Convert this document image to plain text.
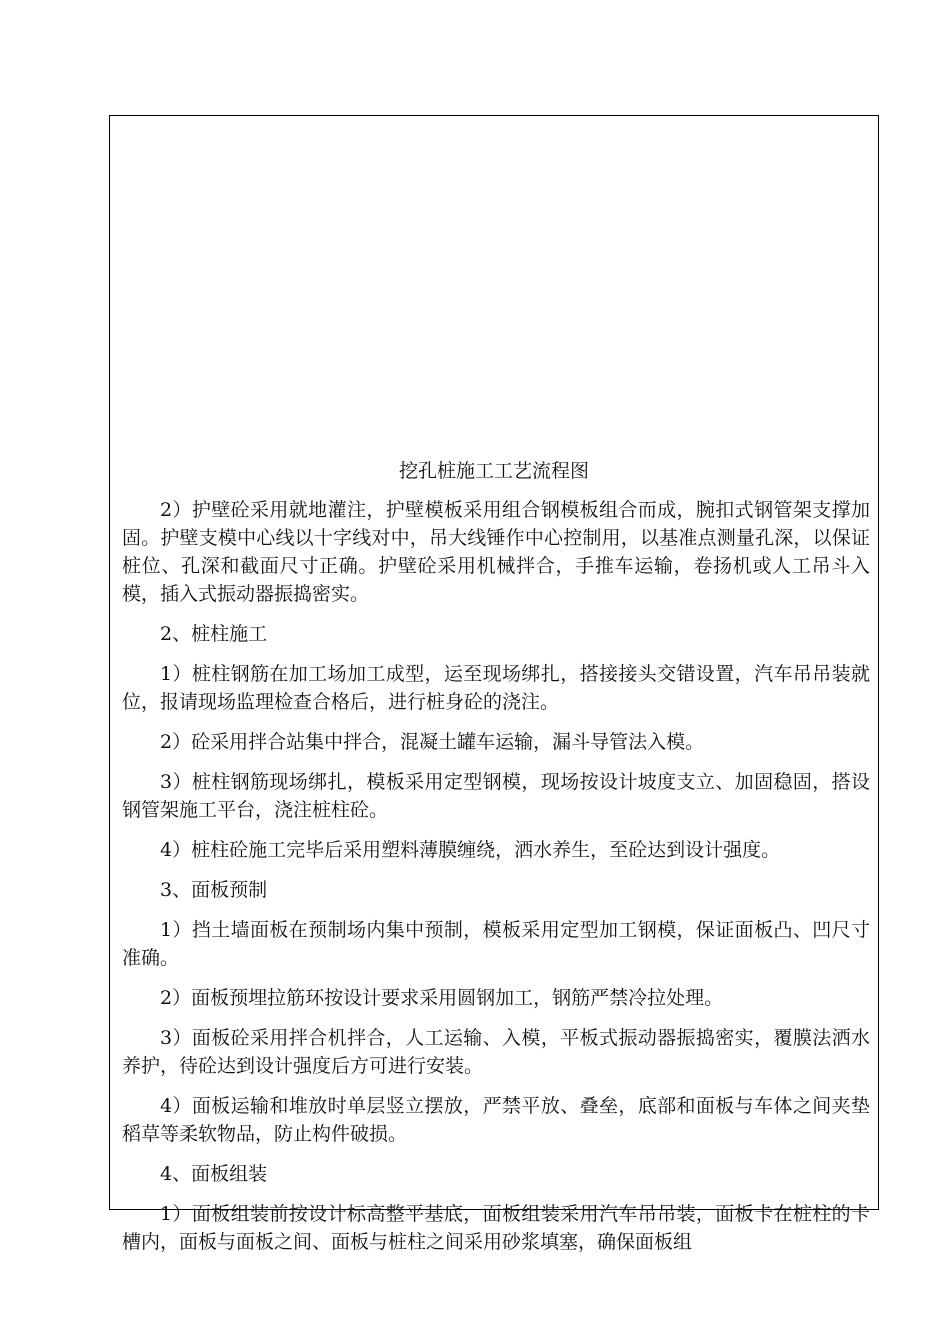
挖孔桩施工工艺流程图

2）护壁砼采用就地灌注，护壁模板采用组合钢模板组合而成，腕扣式钢管架支撑加固。护壁支模中心线以十字线对中，吊大线锤作中心控制用，以基准点测量孔深，以保证桩位、孔深和截面尺寸正确。护壁砼采用机械拌合，手推车运输，卷扬机或人工吊斗入模，插入式振动器振捣密实。

2、桩柱施工

1）桩柱钢筋在加工场加工成型，运至现场绑扎，搭接接头交错设置，汽车吊吊装就位，报请现场监理检查合格后，进行桩身砼的浇注。

2）砼采用拌合站集中拌合，混凝土罐车运输，漏斗导管法入模。

3）桩柱钢筋现场绑扎，模板采用定型钢模，现场按设计坡度支立、加固稳固，搭设钢管架施工平台，浇注桩柱砼。

4）桩柱砼施工完毕后采用塑料薄膜缠绕，洒水养生，至砼达到设计强度。

3、面板预制

1）挡土墙面板在预制场内集中预制，模板采用定型加工钢模，保证面板凸、凹尺寸准确。

2）面板预埋拉筋环按设计要求采用圆钢加工，钢筋严禁冷拉处理。

3）面板砼采用拌合机拌合，人工运输、入模，平板式振动器振捣密实，覆膜法洒水养护，待砼达到设计强度后方可进行安装。

4）面板运输和堆放时单层竖立摆放，严禁平放、叠垒，底部和面板与车体之间夹垫稻草等柔软物品，防止构件破损。

4、面板组装

1）面板组装前按设计标高整平基底，面板组装采用汽车吊吊装，面板卡在桩柱的卡槽内，面板与面板之间、面板与桩柱之间采用砂浆填塞，确保面板组
